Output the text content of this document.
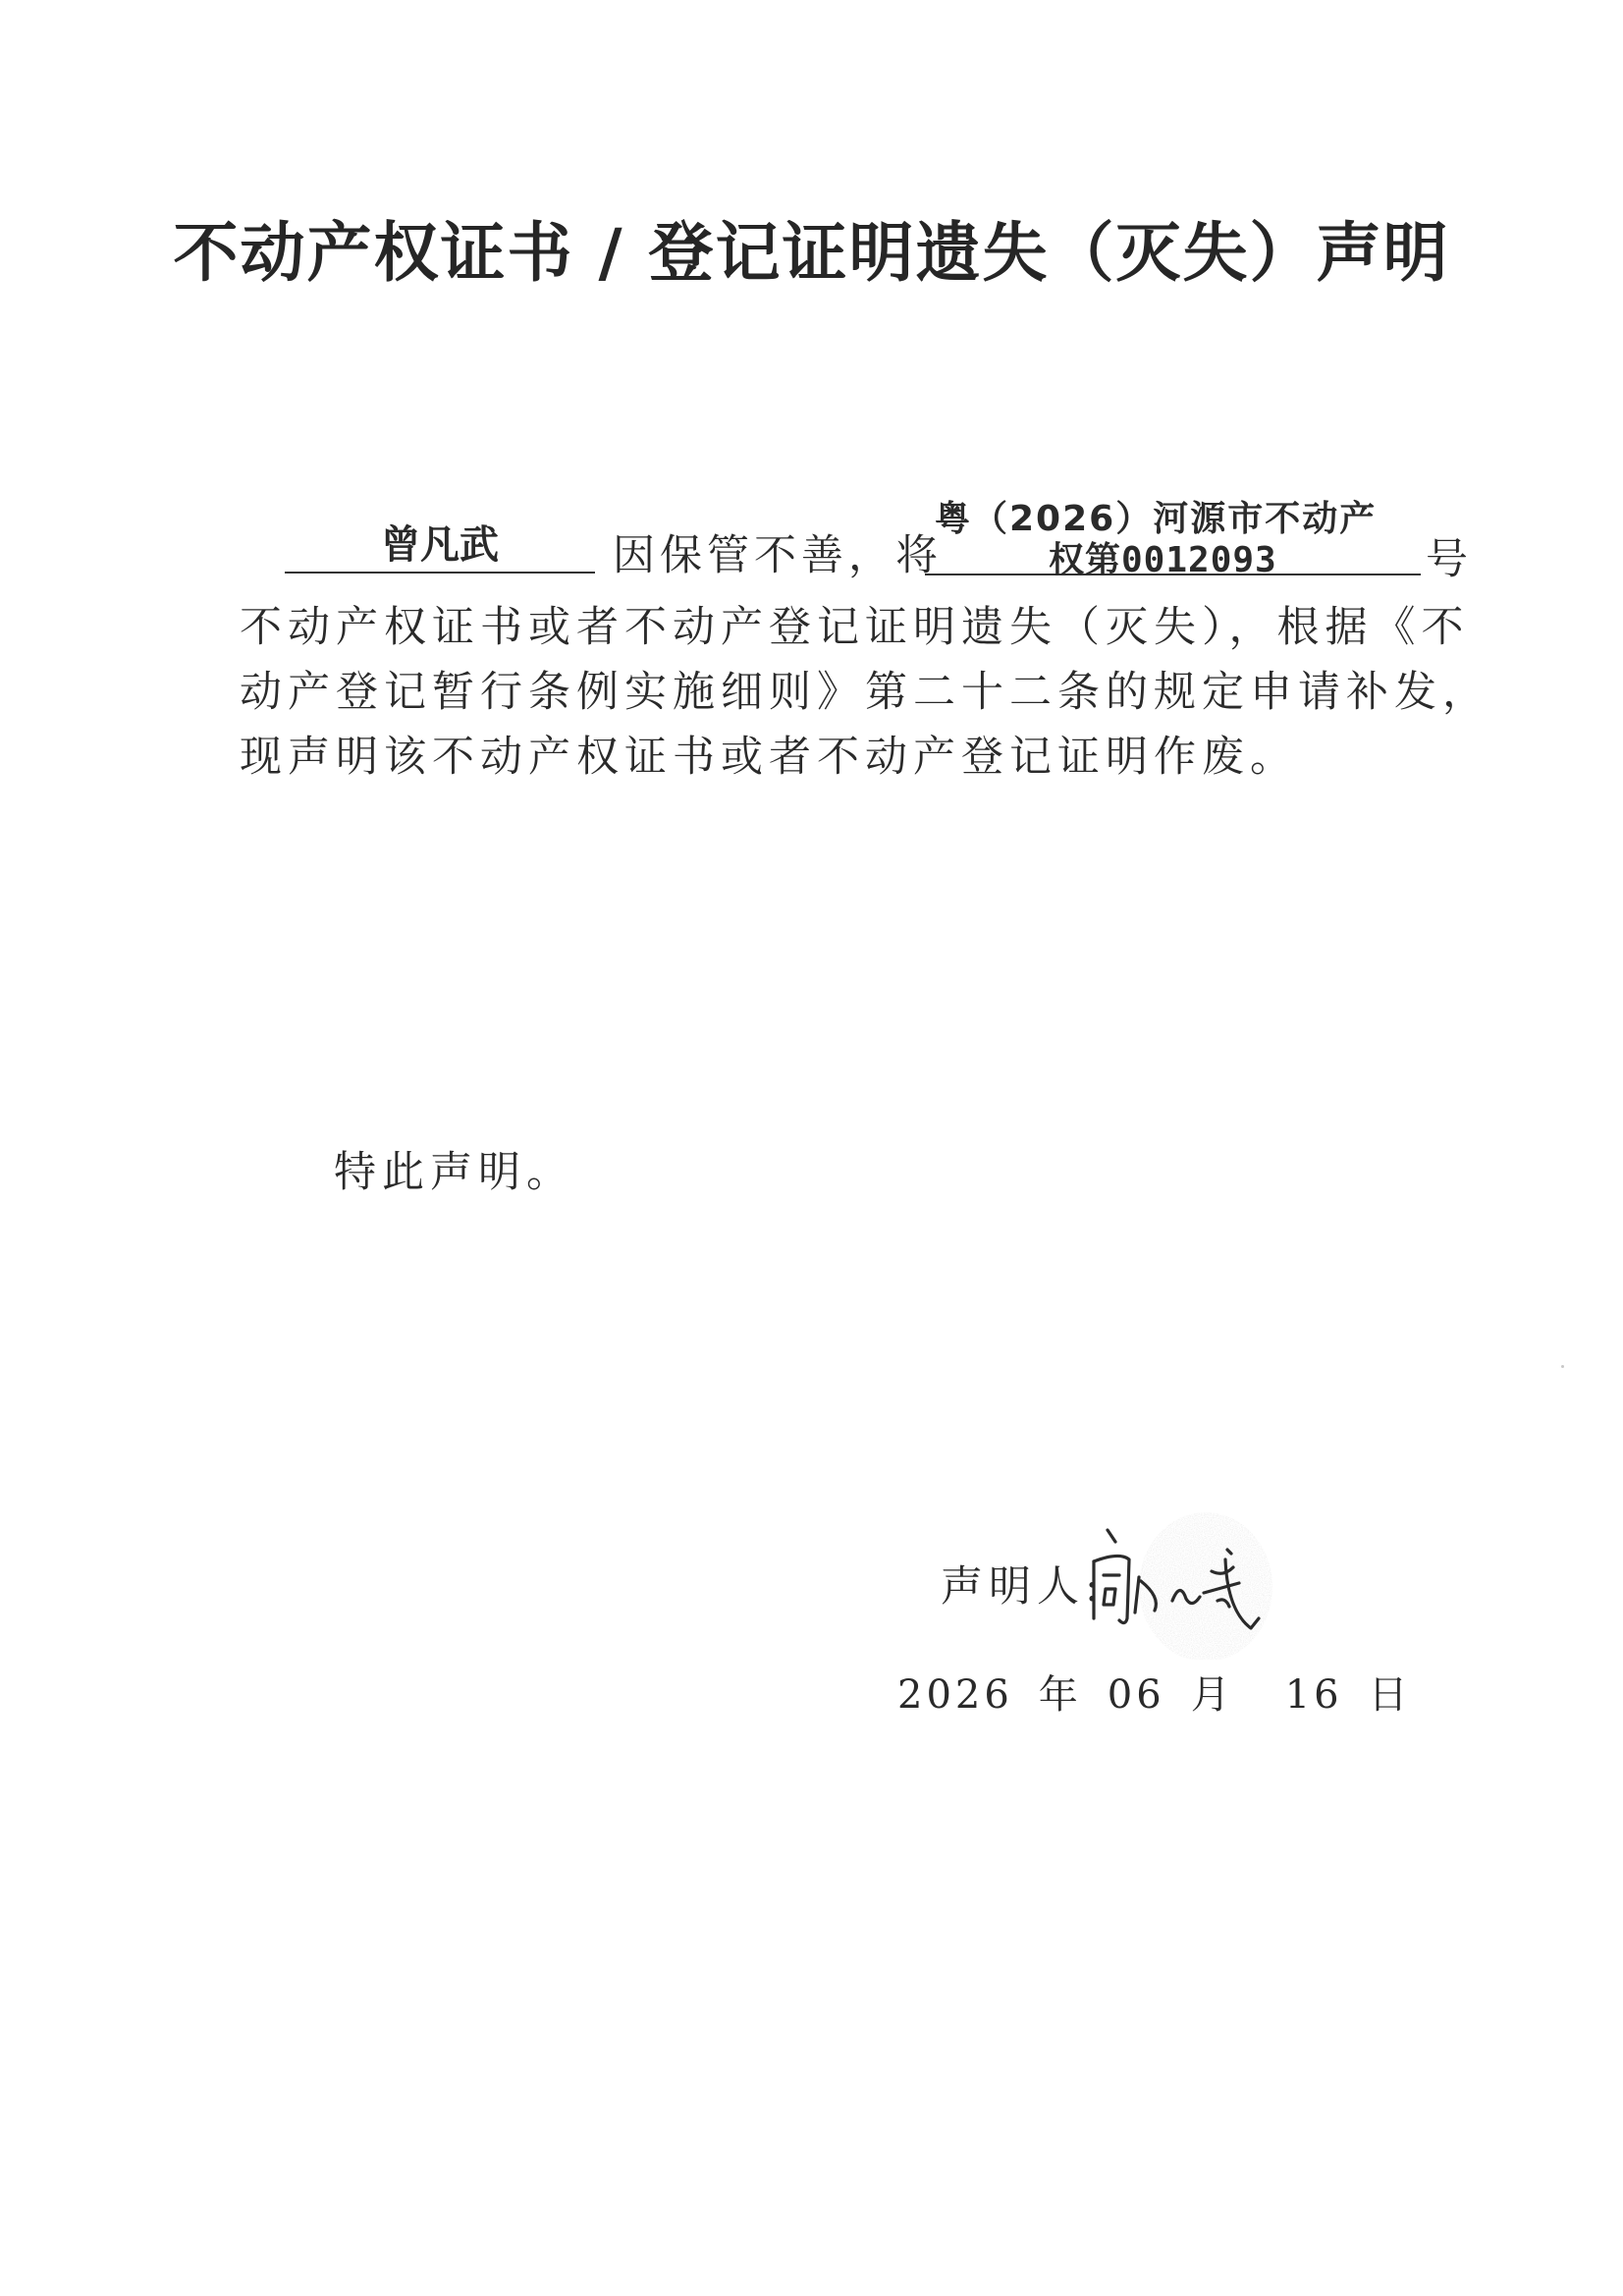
不动产权证书 / 登记证明遗失（灭失）声明
曾凡武	因保管不善，将
粤（2026）河源市不动产
权第0012093	号
不动产权证书或者不动产登记证明遗失（灭失），根据《不
动产登记暂行条例实施细则》第二十二条的规定申请补发，
现声明该不动产权证书或者不动产登记证明作废。
特此声明。
声明人:
2026 年 06 月 16 日
